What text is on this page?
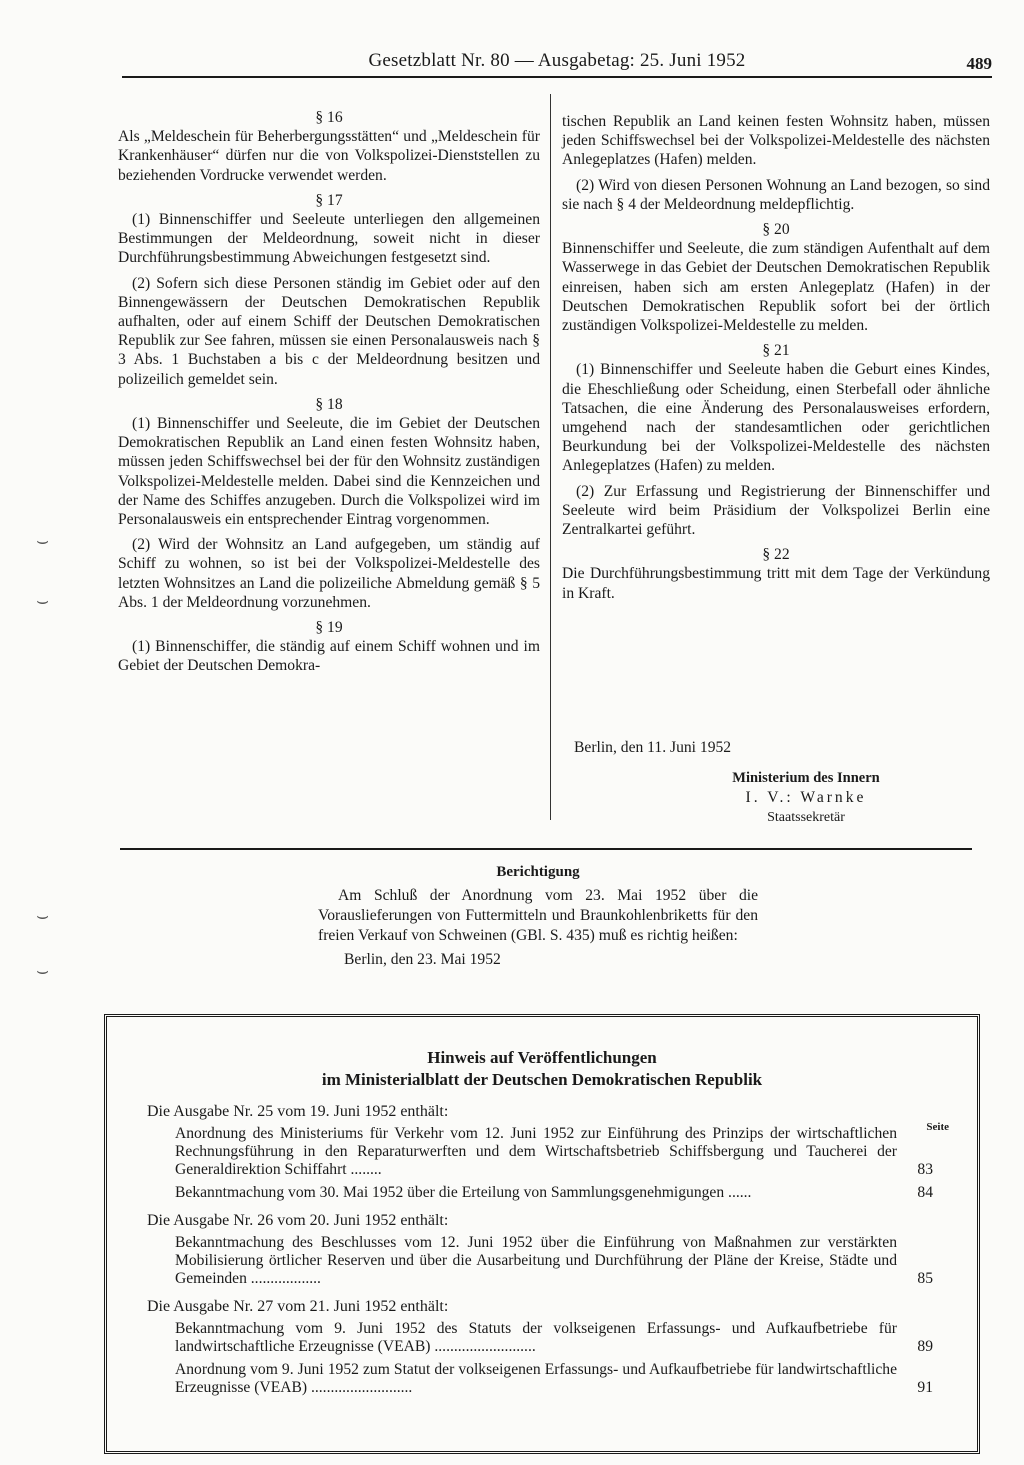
Gesetzblatt Nr. 80 — Ausgabetag: 25. Juni 1952	489
§ 16

Als „Meldeschein für Beherbergungsstätten“ und „Meldeschein für Krankenhäuser“ dürfen nur die von Volkspolizei-Dienststellen zu beziehenden Vordrucke verwendet werden.

§ 17

(1) Binnenschiffer und Seeleute unterliegen den allgemeinen Bestimmungen der Meldeordnung, soweit nicht in dieser Durchführungsbestimmung Abweichungen festgesetzt sind.

(2) Sofern sich diese Personen ständig im Gebiet oder auf den Binnengewässern der Deutschen Demokratischen Republik aufhalten, oder auf einem Schiff der Deutschen Demokratischen Republik zur See fahren, müssen sie einen Personalausweis nach § 3 Abs. 1 Buchstaben a bis c der Meldeordnung besitzen und polizeilich gemeldet sein.

§ 18

(1) Binnenschiffer und Seeleute, die im Gebiet der Deutschen Demokratischen Republik an Land einen festen Wohnsitz haben, müssen jeden Schiffswechsel bei der für den Wohnsitz zuständigen Volkspolizei-Meldestelle melden. Dabei sind die Kennzeichen und der Name des Schiffes anzugeben. Durch die Volkspolizei wird im Personalausweis ein entsprechender Eintrag vorgenommen.

(2) Wird der Wohnsitz an Land aufgegeben, um ständig auf Schiff zu wohnen, so ist bei der Volkspolizei-Meldestelle des letzten Wohnsitzes an Land die polizeiliche Abmeldung gemäß § 5 Abs. 1 der Meldeordnung vorzunehmen.

§ 19

(1) Binnenschiffer, die ständig auf einem Schiff wohnen und im Gebiet der Deutschen Demokra-

tischen Republik an Land keinen festen Wohnsitz haben, müssen jeden Schiffswechsel bei der Volkspolizei-Meldestelle des nächsten Anlegeplatzes (Hafen) melden.

(2) Wird von diesen Personen Wohnung an Land bezogen, so sind sie nach § 4 der Meldeordnung meldepflichtig.

§ 20

Binnenschiffer und Seeleute, die zum ständigen Aufenthalt auf dem Wasserwege in das Gebiet der Deutschen Demokratischen Republik einreisen, haben sich am ersten Anlegeplatz (Hafen) in der Deutschen Demokratischen Republik sofort bei der örtlich zuständigen Volkspolizei-Meldestelle zu melden.

§ 21

(1) Binnenschiffer und Seeleute haben die Geburt eines Kindes, die Eheschließung oder Scheidung, einen Sterbefall oder ähnliche Tatsachen, die eine Änderung des Personalausweises erfordern, umgehend nach der standesamtlichen oder gerichtlichen Beurkundung bei der Volkspolizei-Meldestelle des nächsten Anlegeplatzes (Hafen) zu melden.

(2) Zur Erfassung und Registrierung der Binnenschiffer und Seeleute wird beim Präsidium der Volkspolizei Berlin eine Zentralkartei geführt.

§ 22

Die Durchführungsbestimmung tritt mit dem Tage der Verkündung in Kraft.

Berlin, den 11. Juni 1952
Ministerium des Innern
I. V.: Warnke
Staatssekretär
Berichtigung

Am Schluß der Anordnung vom 23. Mai 1952 über die Vorauslieferungen von Futtermitteln und Braunkohlenbriketts für den freien Verkauf von Schweinen (GBl. S. 435) muß es richtig heißen:

Berlin, den 23. Mai 1952
⌣
⌣
⌣
⌣
Hinweis auf Veröffentlichungen
im Ministerialblatt der Deutschen Demokratischen Republik
Seite
Die Ausgabe Nr. 25 vom 19. Juni 1952 enthält:
Anordnung des Ministeriums für Verkehr vom 12. Juni 1952 zur Einführung des Prinzips der wirtschaftlichen Rechnungsführung in den Reparaturwerften und dem Wirtschaftsbetrieb Schiffsbergung und Taucherei der Generaldirektion Schiffahrt ........	83
Bekanntmachung vom 30. Mai 1952 über die Erteilung von Sammlungsgenehmigungen ......	84
Die Ausgabe Nr. 26 vom 20. Juni 1952 enthält:
Bekanntmachung des Beschlusses vom 12. Juni 1952 über die Einführung von Maßnahmen zur verstärkten Mobilisierung örtlicher Reserven und über die Ausarbeitung und Durchführung der Pläne der Kreise, Städte und Gemeinden ..................	85
Die Ausgabe Nr. 27 vom 21. Juni 1952 enthält:
Bekanntmachung vom 9. Juni 1952 des Statuts der volkseigenen Erfassungs- und Aufkaufbetriebe für landwirtschaftliche Erzeugnisse (VEAB) ..........................	89
Anordnung vom 9. Juni 1952 zum Statut der volkseigenen Erfassungs- und Aufkaufbetriebe für landwirtschaftliche Erzeugnisse (VEAB) ..........................	91
